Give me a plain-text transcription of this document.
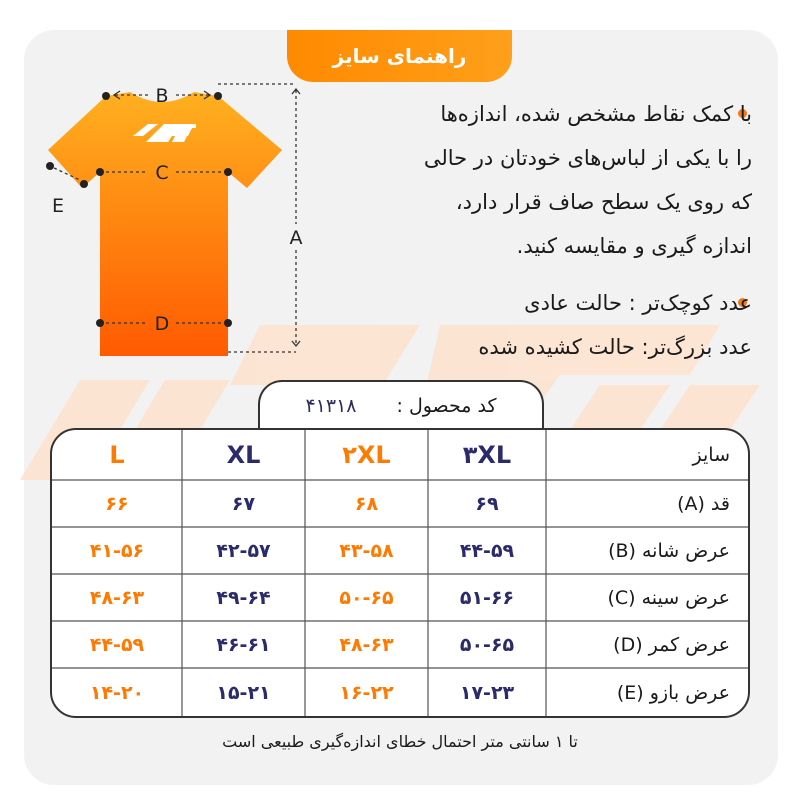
راهنمای سایز
B
C
D
A
E
با کمک نقاط مشخص شده، اندازه‌ها
را با یکی از لباس‌های خودتان در حالی
که روی یک سطح صاف قرار دارد،
اندازه گیری و مقایسه کنید.
عدد کوچک‌تر : حالت عادی
عدد بزرگ‌تر: حالت کشیده شده
کد محصول :
۴۱۳۱۸
سایز
۳XL
۲XL
XL
L
قد (A)
۶۹
۶۸
۶۷
۶۶
عرض شانه (B)
۴۴-۵۹
۴۳-۵۸
۴۲-۵۷
۴۱-۵۶
عرض سینه (C)
۵۱-۶۶
۵۰-۶۵
۴۹-۶۴
۴۸-۶۳
عرض کمر (D)
۵۰-۶۵
۴۸-۶۳
۴۶-۶۱
۴۴-۵۹
عرض بازو (E)
۱۷-۲۳
۱۶-۲۲
۱۵-۲۱
۱۴-۲۰
تا ۱ سانتی متر احتمال خطای اندازه‌گیری طبیعی است
